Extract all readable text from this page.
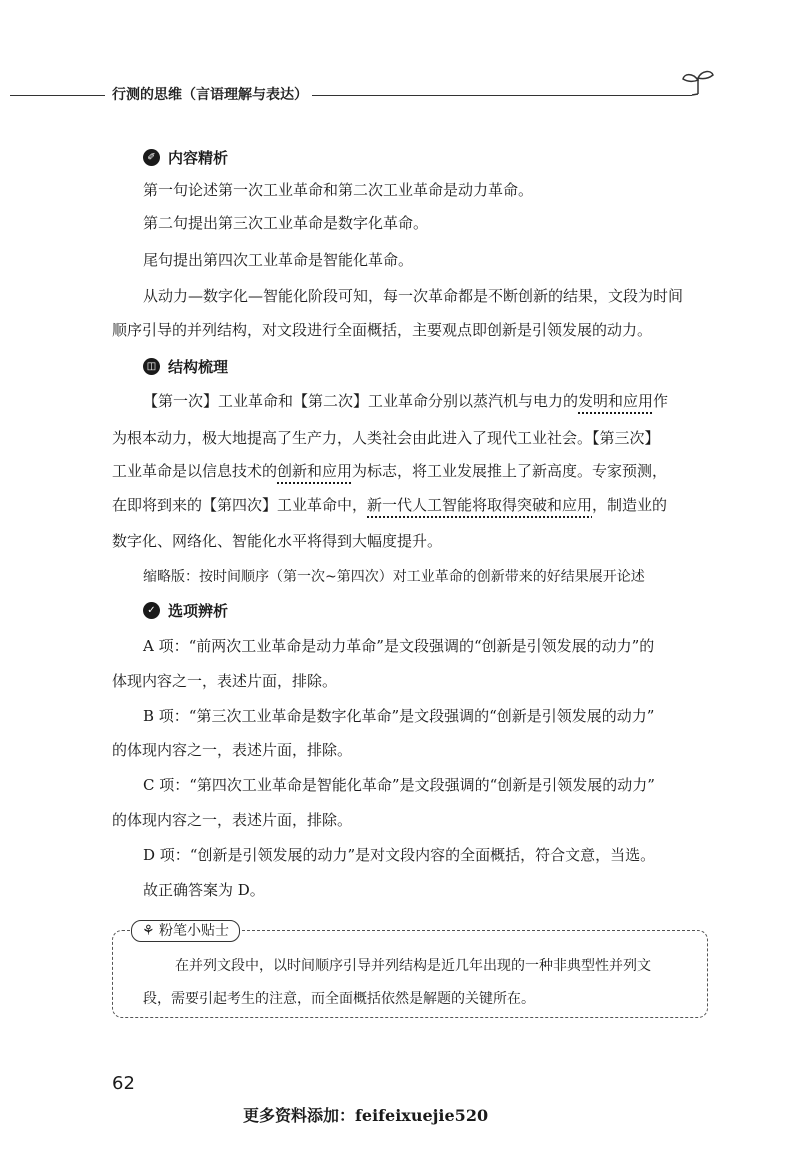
行测的思维（言语理解与表达）
✐ 内容精析
第一句论述第一次工业革命和第二次工业革命是动力革命。
第二句提出第三次工业革命是数字化革命。
尾句提出第四次工业革命是智能化革命。
从动力—数字化—智能化阶段可知，每一次革命都是不断创新的结果，文段为时间
顺序引导的并列结构，对文段进行全面概括，主要观点即创新是引领发展的动力。
◫ 结构梳理
【第一次】工业革命和【第二次】工业革命分别以蒸汽机与电力的发明和应用作
为根本动力，极大地提高了生产力，人类社会由此进入了现代工业社会。【第三次】
工业革命是以信息技术的创新和应用为标志，将工业发展推上了新高度。专家预测，
在即将到来的【第四次】工业革命中，新一代人工智能将取得突破和应用，制造业的
数字化、网络化、智能化水平将得到大幅度提升。
缩略版：按时间顺序（第一次~第四次）对工业革命的创新带来的好结果展开论述
✓ 选项辨析
A 项：“前两次工业革命是动力革命”是文段强调的“创新是引领发展的动力”的
体现内容之一，表述片面，排除。
B 项：“第三次工业革命是数字化革命”是文段强调的“创新是引领发展的动力”
的体现内容之一，表述片面，排除。
C 项：“第四次工业革命是智能化革命”是文段强调的“创新是引领发展的动力”
的体现内容之一，表述片面，排除。
D 项：“创新是引领发展的动力”是对文段内容的全面概括，符合文意，当选。
故正确答案为 D。
⚘ 粉笔小贴士
在并列文段中，以时间顺序引导并列结构是近几年出现的一种非典型性并列文
段，需要引起考生的注意，而全面概括依然是解题的关键所在。
62
更多资料添加：feifeixuejie520
